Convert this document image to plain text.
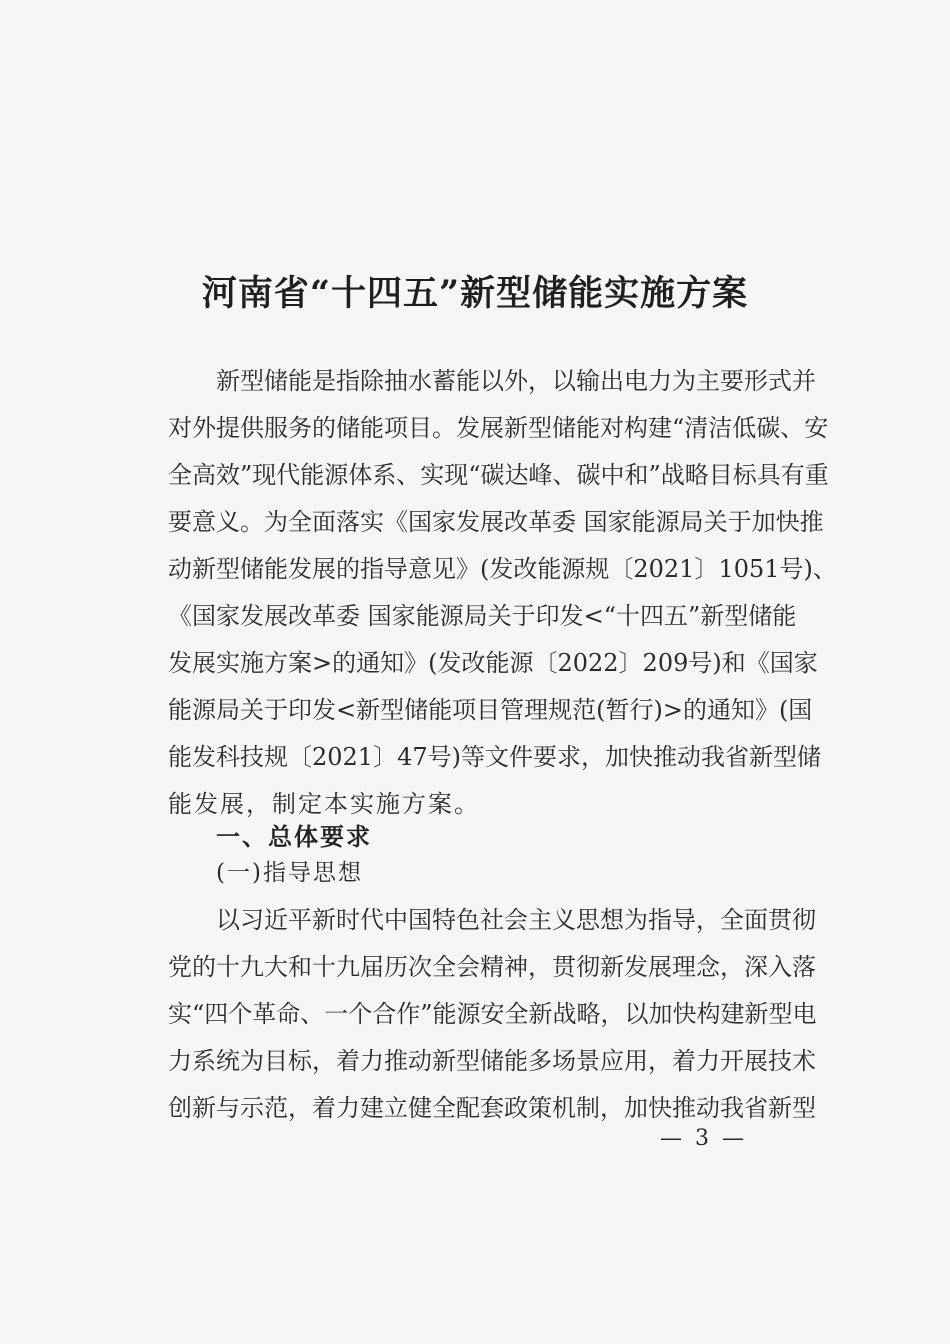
河南省“十四五”新型储能实施方案
新型储能是指除抽水蓄能以外，以输出电力为主要形式并
对外提供服务的储能项目。发展新型储能对构建“清洁低碳、安
全高效”现代能源体系、实现“碳达峰、碳中和”战略目标具有重
要意义。为全面落实《国家发展改革委 国家能源局关于加快推
动新型储能发展的指导意见》(发改能源规〔2021〕1051号)、
《国家发展改革委 国家能源局关于印发<“十四五”新型储能
发展实施方案>的通知》(发改能源〔2022〕209号)和《国家
能源局关于印发<新型储能项目管理规范(暂行)>的通知》(国
能发科技规〔2021〕47号)等文件要求，加快推动我省新型储
能发展，制定本实施方案。
一、总体要求
(一)指导思想
以习近平新时代中国特色社会主义思想为指导，全面贯彻
党的十九大和十九届历次全会精神，贯彻新发展理念，深入落
实“四个革命、一个合作”能源安全新战略，以加快构建新型电
力系统为目标，着力推动新型储能多场景应用，着力开展技术
创新与示范，着力建立健全配套政策机制，加快推动我省新型
— 3 —
